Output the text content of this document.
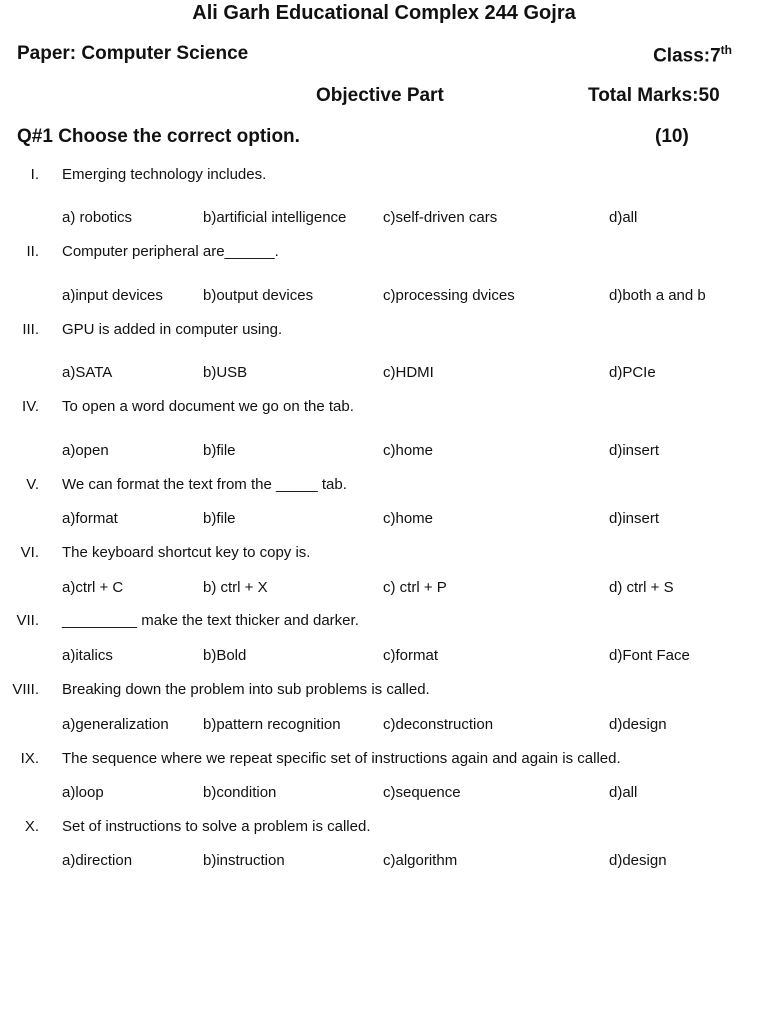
Ali Garh Educational Complex 244 Gojra
Paper: Computer Science	Class:7th
Objective Part	Total Marks:50
Q#1 Choose the correct option.	(10)
I. Emerging technology includes.
a) robotics	b)artificial intelligence c)self-driven cars	d)all
II. Computer peripheral are______.
a)input devices	b)output devices	c)processing dvices	d)both a and b
III. GPU is added in computer using.
a)SATA	b)USB	c)HDMI	d)PCIe
IV. To open a word document we go on the tab.
a)open	b)file	c)home	d)insert
V. We can format the text from the _____ tab.
a)format	b)file	c)home	d)insert
VI. The keyboard shortcut key to copy is.
a)ctrl + C	b) ctrl + X	c) ctrl + P	d) ctrl + S
VII. _________ make the text thicker and darker.
a)italics	b)Bold	c)format	d)Font Face
VIII. Breaking down the problem into sub problems is called.
a)generalization b)pattern recognition	c)deconstruction	d)design
IX. The sequence where we repeat specific set of instructions again and again is called.
a)loop	b)condition	c)sequence	d)all
X. Set of instructions to solve a problem is called.
a)direction	b)instruction	c)algorithm	d)design
